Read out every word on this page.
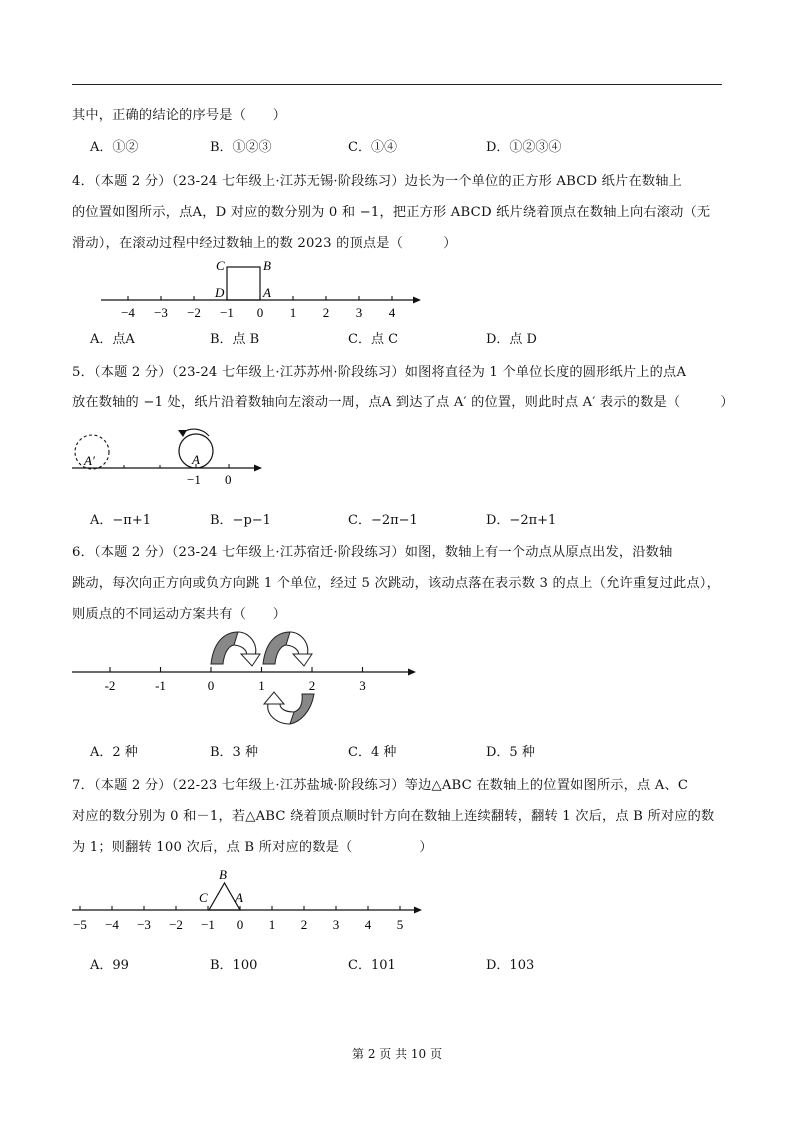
其中，正确的结论的序号是（　　）
A．①②	B．①②③	C．①④	D．①②③④
4．（本题 2 分）（23-24 七年级上·江苏无锡·阶段练习）边长为一个单位的正方形 ABCD 纸片在数轴上
的位置如图所示，点A，D 对应的数分别为 0 和 −1，把正方形 ABCD 纸片绕着顶点在数轴上向右滚动（无
滑动），在滚动过程中经过数轴上的数 2023 的顶点是（　　　）
−4 −3 −2 −1 0 1 2 3 4
C	B
D	A
A．点A	B．点 B	C．点 C	D．点 D
5．（本题 2 分）（23-24 七年级上·江苏苏州·阶段练习）如图将直径为 1 个单位长度的圆形纸片上的点A
放在数轴的 −1 处，纸片沿着数轴向左滚动一周，点A 到达了点 A′ 的位置，则此时点 A′ 表示的数是（　　　）
A′	A
−1 0
A．−π+1	B．−p−1	C．−2π−1	D．−2π+1
6．（本题 2 分）（23-24 七年级上·江苏宿迁·阶段练习）如图，数轴上有一个动点从原点出发，沿数轴
跳动，每次向正方向或负方向跳 1 个单位，经过 5 次跳动，该动点落在表示数 3 的点上（允许重复过此点），
则质点的不同运动方案共有（　　）
-2	-1	0	1	2	3
A．2 种	B．3 种	C．4 种	D．5 种
7．（本题 2 分）（22-23 七年级上·江苏盐城·阶段练习）等边△ABC 在数轴上的位置如图所示，点 A、C
对应的数分别为 0 和－1，若△ABC 绕着顶点顺时针方向在数轴上连续翻转，翻转 1 次后，点 B 所对应的数
为 1；则翻转 100 次后，点 B 所对应的数是（　　　　　）
−5 −4 −3 −2 −1 0 1 2 3 4 5
B
C A
A．99	B．100	C．101	D．103
第 2 页 共 10 页
